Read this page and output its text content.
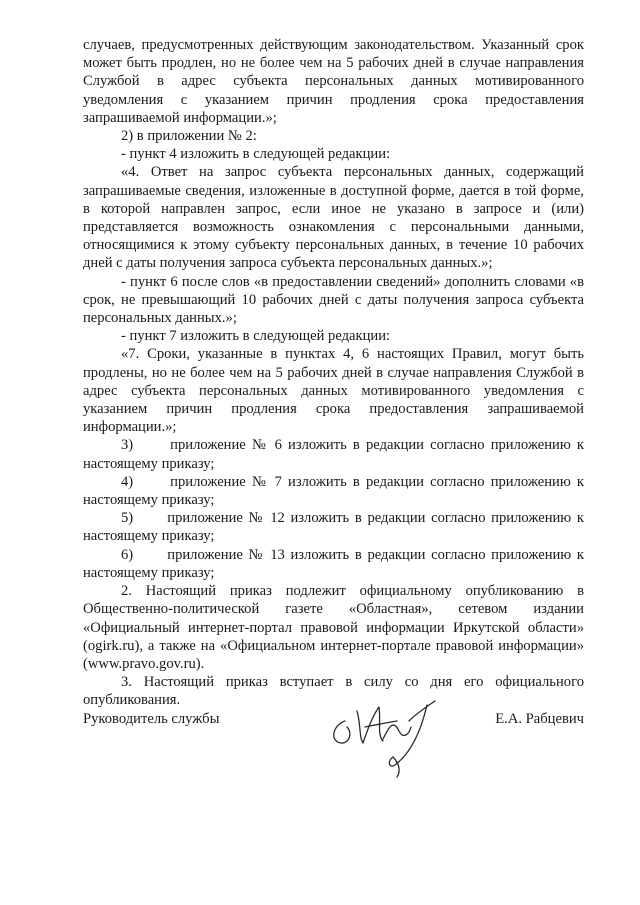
случаев, предусмотренных действующим законодательством. Указанный срок может быть продлен, но не более чем на 5 рабочих дней в случае направления Службой в адрес субъекта персональных данных мотивированного уведомления с указанием причин продления срока предоставления запрашиваемой информации.»;

2) в приложении № 2:

- пункт 4 изложить в следующей редакции:

«4. Ответ на запрос субъекта персональных данных, содержащий запрашиваемые сведения, изложенные в доступной форме, дается в той форме, в которой направлен запрос, если иное не указано в запросе и (или) представляется возможность ознакомления с персональными данными, относящимися к этому субъекту персональных данных, в течение 10 рабочих дней с даты получения запроса субъекта персональных данных.»;

- пункт 6 после слов «в предоставлении сведений» дополнить словами «в срок, не превышающий 10 рабочих дней с даты получения запроса субъекта персональных данных.»;

- пункт 7 изложить в следующей редакции:

«7. Сроки, указанные в пунктах 4, 6 настоящих Правил, могут быть продлены, но не более чем на 5 рабочих дней в случае направления Службой в адрес субъекта персональных данных мотивированного уведомления с указанием причин продления срока предоставления запрашиваемой информации.»;

3)      приложение № 6 изложить в редакции согласно приложению к настоящему приказу;

4)      приложение № 7 изложить в редакции согласно приложению к настоящему приказу;

5)      приложение № 12 изложить в редакции согласно приложению к настоящему приказу;

6)      приложение № 13 изложить в редакции согласно приложению к настоящему приказу;

2. Настоящий приказ подлежит официальному опубликованию в Общественно-политической газете «Областная», сетевом издании «Официальный интернет-портал правовой информации Иркутской области» (ogirk.ru), а также на «Официальном интернет-портале правовой информации» (www.pravo.gov.ru).

3. Настоящий приказ вступает в силу со дня его официального опубликования.

Руководитель службы	Е.А. Рабцевич
